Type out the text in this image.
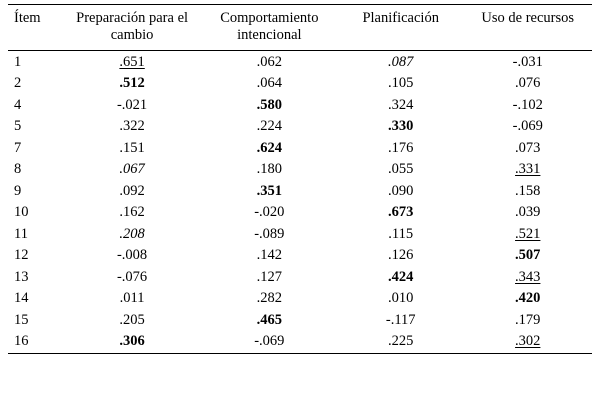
Ítem	Preparación para el cambio	Comportamiento intencional	Planificación	Uso de recursos
1	.651	.062	.087	-.031
2	.512	.064	.105	.076
4	-.021	.580	.324	-.102
5	.322	.224	.330	-.069
7	.151	.624	.176	.073
8	.067	.180	.055	.331
9	.092	.351	.090	.158
10	.162	-.020	.673	.039
11	.208	-.089	.115	.521
12	-.008	.142	.126	.507
13	-.076	.127	.424	.343
14	.011	.282	.010	.420
15	.205	.465	-.117	.179
16	.306	-.069	.225	.302
